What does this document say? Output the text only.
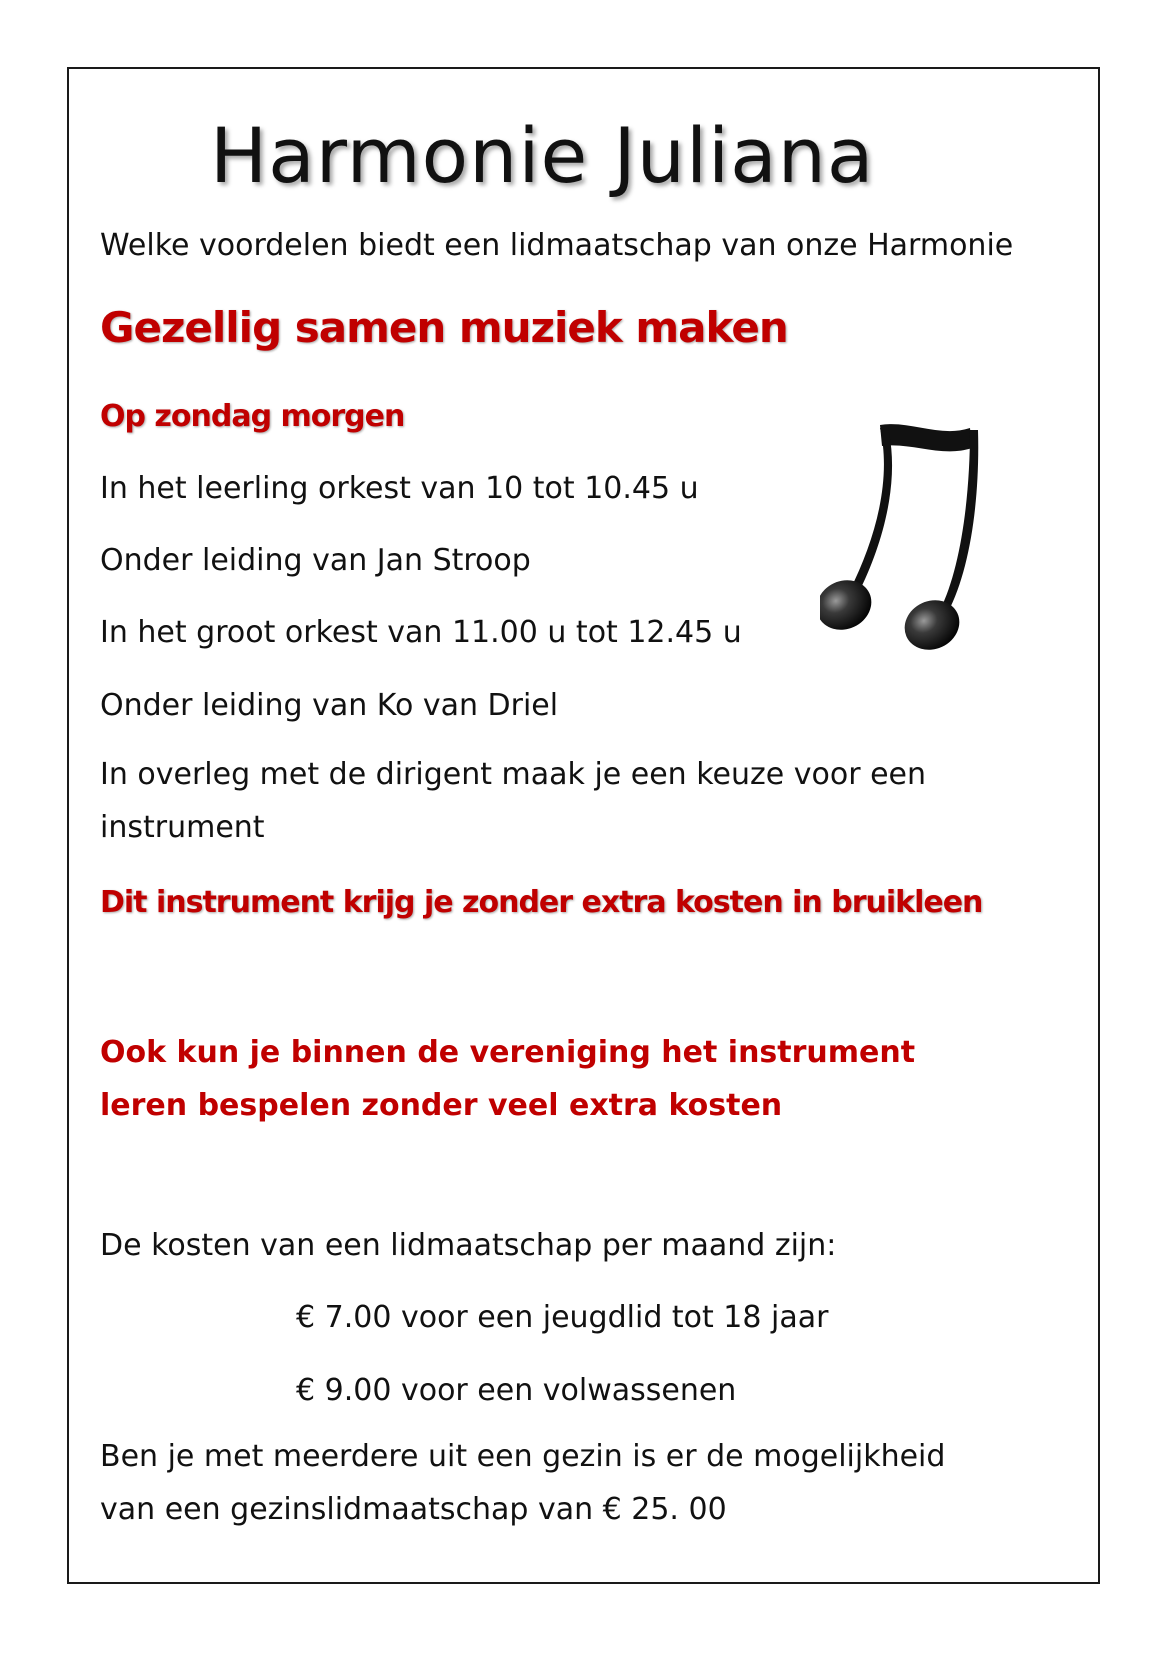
Harmonie Juliana
Welke voordelen biedt een lidmaatschap van onze Harmonie
Gezellig samen muziek maken
Op zondag morgen
In het leerling orkest van 10 tot 10.45 u
Onder leiding van Jan Stroop
In het groot orkest van 11.00 u tot 12.45 u
Onder leiding van Ko van Driel
In overleg met de dirigent maak je een keuze voor een instrument
Dit instrument krijg je zonder extra kosten in bruikleen
Ook kun je binnen de vereniging het instrument leren bespelen zonder veel extra kosten
De kosten van een lidmaatschap per maand zijn:
€ 7.00 voor een jeugdlid tot 18 jaar
€ 9.00 voor een volwassenen
Ben je met meerdere uit een gezin is er de mogelijkheid van een gezinslidmaatschap van € 25. 00
